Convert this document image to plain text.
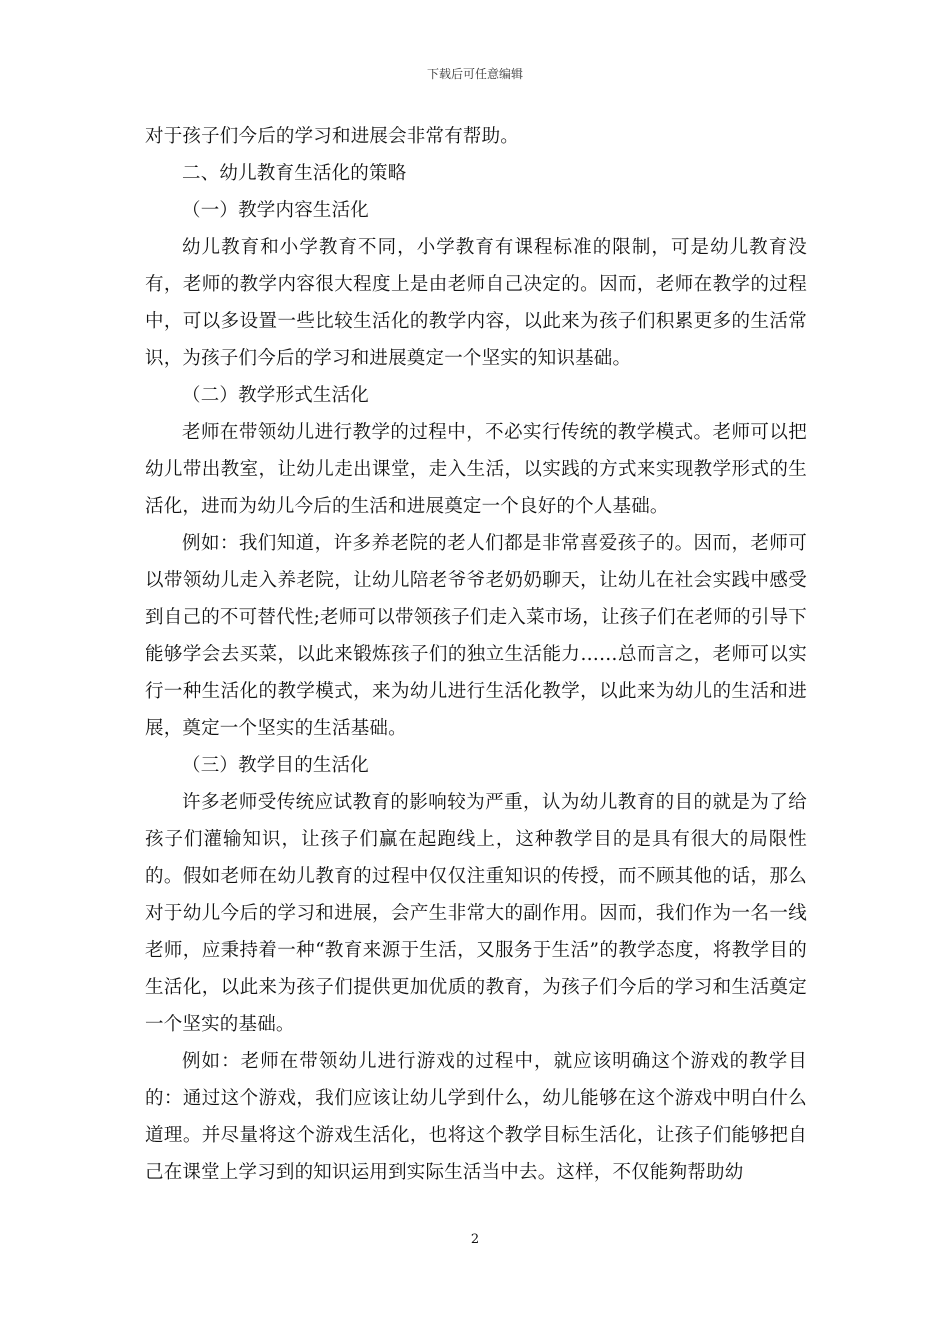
下载后可任意编辑

对于孩子们今后的学习和进展会非常有帮助。

二、幼儿教育生活化的策略

（一）教学内容生活化

幼儿教育和小学教育不同，小学教育有课程标准的限制，可是幼儿教育没有，老师的教学内容很大程度上是由老师自己决定的。因而，老师在教学的过程中，可以多设置一些比较生活化的教学内容，以此来为孩子们积累更多的生活常识，为孩子们今后的学习和进展奠定一个坚实的知识基础。

（二）教学形式生活化

老师在带领幼儿进行教学的过程中，不必实行传统的教学模式。老师可以把幼儿带出教室，让幼儿走出课堂，走入生活，以实践的方式来实现教学形式的生活化，进而为幼儿今后的生活和进展奠定一个良好的个人基础。

例如：我们知道，许多养老院的老人们都是非常喜爱孩子的。因而，老师可以带领幼儿走入养老院，让幼儿陪老爷爷老奶奶聊天，让幼儿在社会实践中感受到自己的不可替代性;老师可以带领孩子们走入菜市场，让孩子们在老师的引导下能够学会去买菜，以此来锻炼孩子们的独立生活能力……总而言之，老师可以实行一种生活化的教学模式，来为幼儿进行生活化教学，以此来为幼儿的生活和进展，奠定一个坚实的生活基础。

（三）教学目的生活化

许多老师受传统应试教育的影响较为严重，认为幼儿教育的目的就是为了给孩子们灌输知识，让孩子们赢在起跑线上，这种教学目的是具有很大的局限性的。假如老师在幼儿教育的过程中仅仅注重知识的传授，而不顾其他的话，那么对于幼儿今后的学习和进展，会产生非常大的副作用。因而，我们作为一名一线老师，应秉持着一种“教育来源于生活，又服务于生活”的教学态度，将教学目的生活化，以此来为孩子们提供更加优质的教育，为孩子们今后的学习和生活奠定一个坚实的基础。

例如：老师在带领幼儿进行游戏的过程中，就应该明确这个游戏的教学目的：通过这个游戏，我们应该让幼儿学到什么，幼儿能够在这个游戏中明白什么道理。并尽量将这个游戏生活化，也将这个教学目标生活化，让孩子们能够把自己在课堂上学习到的知识运用到实际生活当中去。这样，不仅能夠帮助幼

2
